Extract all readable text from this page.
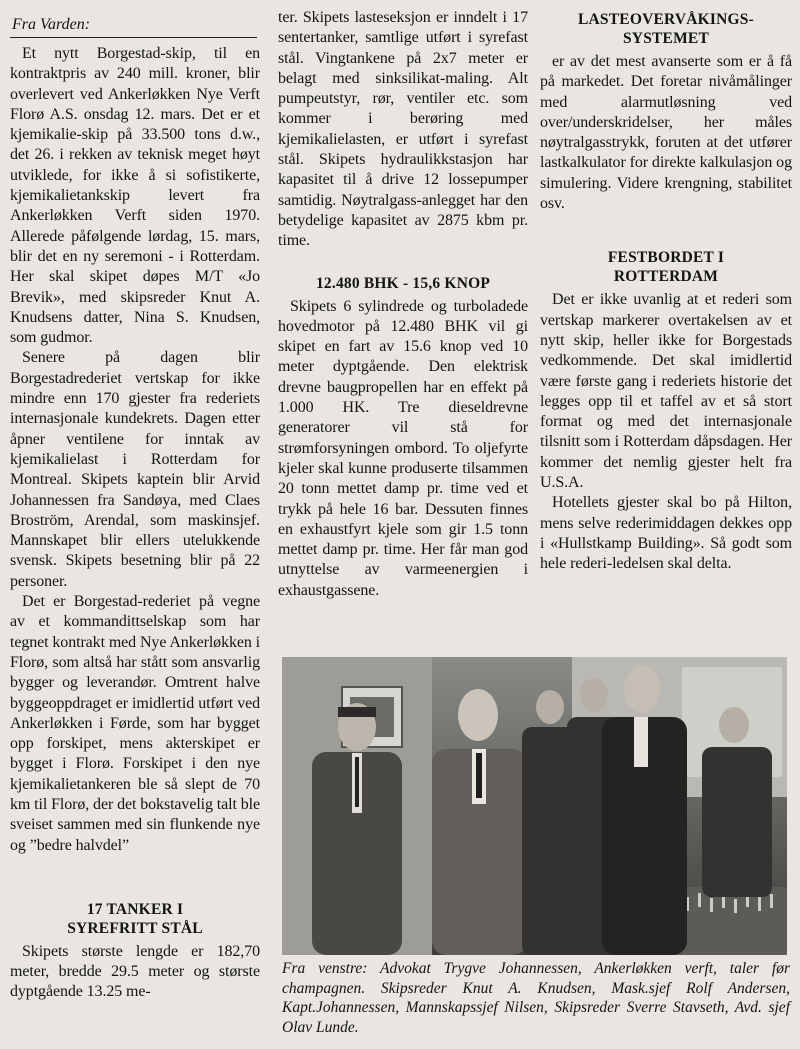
Fra Varden:

Et nytt Borgestad-skip, til en kontraktpris av 240 mill. kroner, blir overlevert ved Ankerløkken Nye Verft Florø A.S. onsdag 12. mars. Det er et kjemikalie-skip på 33.500 tons d.w., det 26. i rekken av teknisk meget høyt utviklede, for ikke å si sofistikerte, kjemikalietankskip levert fra Ankerløkken Verft siden 1970. Allerede påfølgende lørdag, 15. mars, blir det en ny seremoni - i Rotterdam. Her skal skipet døpes M/T «Jo Brevik», med skipsreder Knut A. Knudsens datter, Nina S. Knudsen, som gudmor.

Senere på dagen blir Borgestadrederiet vertskap for ikke mindre enn 170 gjester fra rederiets internasjonale kundekrets. Dagen etter åpner ventilene for inntak av kjemikalielast i Rotterdam for Montreal. Skipets kaptein blir Arvid Johannessen fra Sandøya, med Claes Broström, Arendal, som maskinsjef. Mannskapet blir ellers utelukkende svensk. Skipets besetning blir på 22 personer.

Det er Borgestad-rederiet på vegne av et kommandittselskap som har tegnet kontrakt med Nye Ankerløkken i Florø, som altså har stått som ansvarlig bygger og leverandør. Omtrent halve byggeoppdraget er imidlertid utført ved Ankerløkken i Førde, som har bygget opp forskipet, mens akterskipet er bygget i Florø. Forskipet i den nye kjemikalietankeren ble så slept de 70 km til Florø, der det bokstavelig talt ble sveiset sammen med sin flunkende nye og ”bedre halvdel”

17 TANKER I
SYREFRITT STÅL

Skipets største lengde er 182,70 meter, bredde 29.5 meter og største dyptgående 13.25 me-

ter. Skipets lasteseksjon er inndelt i 17 sentertanker, samtlige utført i syrefast stål. Vingtankene på 2x7 meter er belagt med sinksilikat-maling. Alt pumpeutstyr, rør, ventiler etc. som kommer i berøring med kjemikalielasten, er utført i syrefast stål. Skipets hydraulikkstasjon har kapasitet til å drive 12 lossepumper samtidig. Nøytralgass-anlegget har den betydelige kapasitet av 2875 kbm pr. time.

12.480 BHK - 15,6 KNOP

Skipets 6 sylindrede og turboladede hovedmotor på 12.480 BHK vil gi skipet en fart av 15.6 knop ved 10 meter dyptgående. Den elektrisk drevne baugpropellen har en effekt på 1.000 HK. Tre dieseldrevne generatorer vil stå for strømforsyningen ombord. To oljefyrte kjeler skal kunne produserte tilsammen 20 tonn mettet damp pr. time ved et trykk på hele 16 bar. Dessuten finnes en exhaustfyrt kjele som gir 1.5 tonn mettet damp pr. time. Her får man god utnyttelse av varmeenergien i exhaustgassene.

LASTEOVERVÅKINGS-
SYSTEMET

er av det mest avanserte som er å få på markedet. Det foretar nivåmålinger med alarmutløsning ved over/underskridelser, her måles nøytralgasstrykk, foruten at det utfører lastkalkulator for direkte kalkulasjon og simulering. Videre krengning, stabilitet osv.

FESTBORDET I
ROTTERDAM

Det er ikke uvanlig at et rederi som vertskap markerer overtakelsen av et nytt skip, heller ikke for Borgestads vedkommende. Det skal imidlertid være første gang i rederiets historie det legges opp til et taffel av et så stort format og med det internasjonale tilsnitt som i Rotterdam dåpsdagen. Her kommer det nemlig gjester helt fra U.S.A.

Hotellets gjester skal bo på Hilton, mens selve rederimiddagen dekkes opp i «Hullstkamp Building». Så godt som hele rederi-ledelsen skal delta.

Fra venstre: Advokat Trygve Johannessen, Ankerløkken verft, taler før champagnen. Skipsreder Knut A. Knudsen, Mask.sjef Rolf Andersen, Kapt.Johannessen, Mannskapssjef Nilsen, Skipsreder Sverre Stavseth, Avd. sjef Olav Lunde.
